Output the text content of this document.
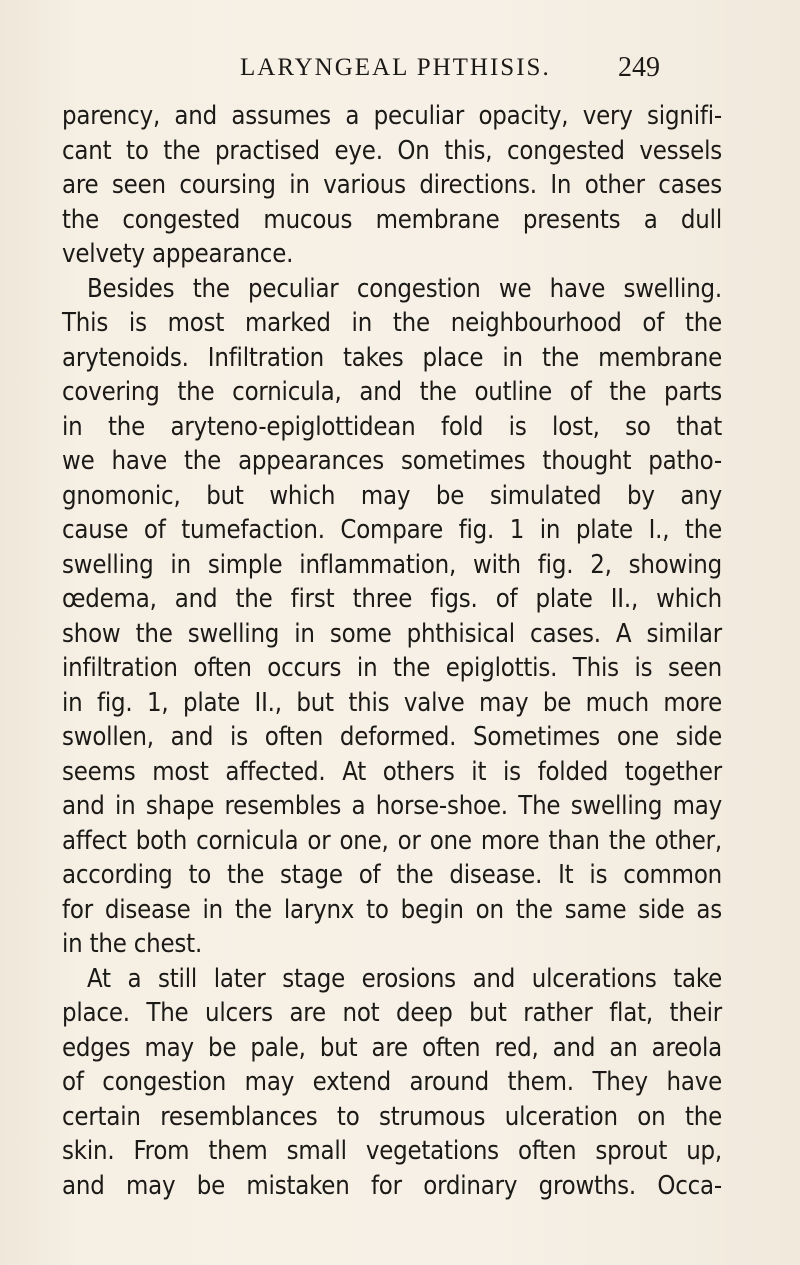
LARYNGEAL PHTHISIS. 249
parency, and assumes a peculiar opacity, very signifi-
cant to the practised eye. On this, congested vessels
are seen coursing in various directions. In other cases
the congested mucous membrane presents a dull
velvety appearance.
Besides the peculiar congestion we have swelling.
This is most marked in the neighbourhood of the
arytenoids. Infiltration takes place in the membrane
covering the cornicula, and the outline of the parts
in the aryteno-epiglottidean fold is lost, so that
we have the appearances sometimes thought patho-
gnomonic, but which may be simulated by any
cause of tumefaction. Compare fig. 1 in plate I., the
swelling in simple inflammation, with fig. 2, showing
œdema, and the first three figs. of plate II., which
show the swelling in some phthisical cases. A similar
infiltration often occurs in the epiglottis. This is seen
in fig. 1, plate II., but this valve may be much more
swollen, and is often deformed. Sometimes one side
seems most affected. At others it is folded together
and in shape resembles a horse-shoe. The swelling may
affect both cornicula or one, or one more than the other,
according to the stage of the disease. It is common
for disease in the larynx to begin on the same side as
in the chest.
At a still later stage erosions and ulcerations take
place. The ulcers are not deep but rather flat, their
edges may be pale, but are often red, and an areola
of congestion may extend around them. They have
certain resemblances to strumous ulceration on the
skin. From them small vegetations often sprout up,
and may be mistaken for ordinary growths. Occa-
